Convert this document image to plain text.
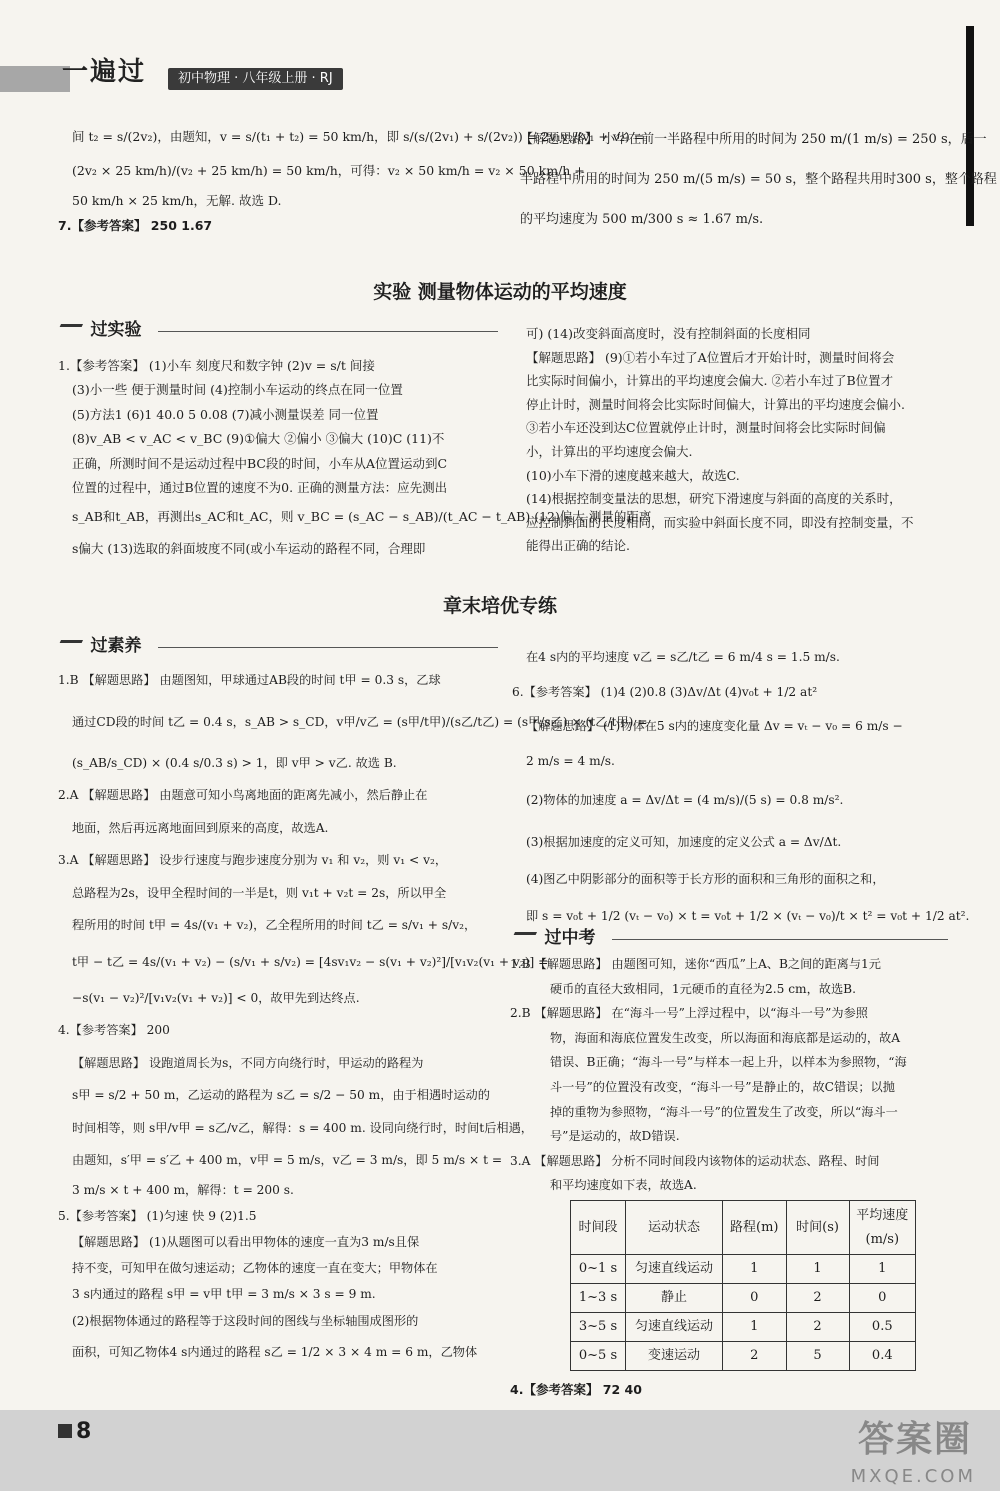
一遍过	初中物理 · 八年级上册 · RJ

间 t₂ = s/(2v₂)，由题知，v = s/(t₁ + t₂) = 50 km/h，即 s/(s/(2v₁) + s/(2v₂)) = 2v₁v₂/(v₁ + v₂) =

(2v₂ × 25 km/h)/(v₂ + 25 km/h) = 50 km/h，可得：v₂ × 50 km/h = v₂ × 50 km/h +

50 km/h × 25 km/h，无解. 故选 D.

7.【参考答案】 250 1.67

【解题思路】 小华在前一半路程中所用的时间为 250 m/(1 m/s) = 250 s，后一

半路程中所用的时间为 250 m/(5 m/s) = 50 s，整个路程共用时300 s，整个路程

的平均速度为 500 m/300 s ≈ 1.67 m/s.

实验 测量物体运动的平均速度
过实验

1.【参考答案】 (1)小车 刻度尺和数字钟 (2)v = s/t 间接

(3)小一些 便于测量时间 (4)控制小车运动的终点在同一位置

(5)方法1 (6)1 40.0 5 0.08 (7)减小测量误差 同一位置

(8)v_AB < v_AC < v_BC (9)①偏大 ②偏小 ③偏大 (10)C (11)不

正确，所测时间不是运动过程中BC段的时间，小车从A位置运动到C

位置的过程中，通过B位置的速度不为0. 正确的测量方法：应先测出

s_AB和t_AB，再测出s_AC和t_AC，则 v_BC = (s_AC − s_AB)/(t_AC − t_AB) (12)偏大 测量的距离

s偏大 (13)选取的斜面坡度不同(或小车运动的路程不同，合理即

可) (14)改变斜面高度时，没有控制斜面的长度相同

【解题思路】 (9)①若小车过了A位置后才开始计时，测量时间将会

比实际时间偏小，计算出的平均速度会偏大. ②若小车过了B位置才

停止计时，测量时间将会比实际时间偏大，计算出的平均速度会偏小.

③若小车还没到达C位置就停止计时，测量时间将会比实际时间偏

小，计算出的平均速度会偏大.

(10)小车下滑的速度越来越大，故选C.

(14)根据控制变量法的思想，研究下滑速度与斜面的高度的关系时，

应控制斜面的长度相同，而实验中斜面长度不同，即没有控制变量，不

能得出正确的结论.

章末培优专练
过素养

1.B 【解题思路】 由题图知，甲球通过AB段的时间 t甲 = 0.3 s，乙球

通过CD段的时间 t乙 = 0.4 s，s_AB > s_CD，v甲/v乙 = (s甲/t甲)/(s乙/t乙) = (s甲/s乙) × (t乙/t甲) =

(s_AB/s_CD) × (0.4 s/0.3 s) > 1，即 v甲 > v乙. 故选 B.

2.A 【解题思路】 由题意可知小鸟离地面的距离先减小，然后静止在

地面，然后再远离地面回到原来的高度，故选A.

3.A 【解题思路】 设步行速度与跑步速度分别为 v₁ 和 v₂，则 v₁ < v₂，

总路程为2s，设甲全程时间的一半是t，则 v₁t + v₂t = 2s，所以甲全

程所用的时间 t甲 = 4s/(v₁ + v₂)，乙全程所用的时间 t乙 = s/v₁ + s/v₂，

t甲 − t乙 = 4s/(v₁ + v₂) − (s/v₁ + s/v₂) = [4sv₁v₂ − s(v₁ + v₂)²]/[v₁v₂(v₁ + v₂)] =

−s(v₁ − v₂)²/[v₁v₂(v₁ + v₂)] < 0，故甲先到达终点.

4.【参考答案】 200

【解题思路】 设跑道周长为s，不同方向绕行时，甲运动的路程为

s甲 = s/2 + 50 m，乙运动的路程为 s乙 = s/2 − 50 m，由于相遇时运动的

时间相等，则 s甲/v甲 = s乙/v乙，解得：s = 400 m. 设同向绕行时，时间t后相遇，

由题知，s′甲 = s′乙 + 400 m，v甲 = 5 m/s，v乙 = 3 m/s，即 5 m/s × t =

3 m/s × t + 400 m，解得：t = 200 s.

5.【参考答案】 (1)匀速 快 9 (2)1.5

【解题思路】 (1)从题图可以看出甲物体的速度一直为3 m/s且保

持不变，可知甲在做匀速运动；乙物体的速度一直在变大；甲物体在

3 s内通过的路程 s甲 = v甲 t甲 = 3 m/s × 3 s = 9 m.

(2)根据物体通过的路程等于这段时间的图线与坐标轴围成图形的

面积，可知乙物体4 s内通过的路程 s乙 = 1/2 × 3 × 4 m = 6 m，乙物体

在4 s内的平均速度 v乙 = s乙/t乙 = 6 m/4 s = 1.5 m/s.

6.【参考答案】 (1)4 (2)0.8 (3)Δv/Δt (4)v₀t + 1/2 at²

【解题思路】 (1)物体在5 s内的速度变化量 Δv = vₜ − v₀ = 6 m/s −

2 m/s = 4 m/s.

(2)物体的加速度 a = Δv/Δt = (4 m/s)/(5 s) = 0.8 m/s².

(3)根据加速度的定义可知，加速度的定义公式 a = Δv/Δt.

(4)图乙中阴影部分的面积等于长方形的面积和三角形的面积之和，

即 s = v₀t + 1/2 (vₜ − v₀) × t = v₀t + 1/2 × (vₜ − v₀)/t × t² = v₀t + 1/2 at².

过中考

1.B 【解题思路】 由题图可知，迷你“西瓜”上A、B之间的距离与1元

硬币的直径大致相同，1元硬币的直径为2.5 cm，故选B.

2.B 【解题思路】 在“海斗一号”上浮过程中，以“海斗一号”为参照

物，海面和海底位置发生改变，所以海面和海底都是运动的，故A

错误、B正确；“海斗一号”与样本一起上升，以样本为参照物，“海

斗一号”的位置没有改变，“海斗一号”是静止的，故C错误；以抛

掉的重物为参照物，“海斗一号”的位置发生了改变，所以“海斗一

号”是运动的，故D错误.

3.A 【解题思路】 分析不同时间段内该物体的运动状态、路程、时间

和平均速度如下表，故选A.

时间段	运动状态	路程(m)	时间(s)	平均速度(m/s)
0~1 s	匀速直线运动	1	1	1
1~3 s	静止	0	2	0
3~5 s	匀速直线运动	1	2	0.5
0~5 s	变速运动	2	5	0.4
4.【参考答案】 72 40
8	答案圈
MXQE.COM
